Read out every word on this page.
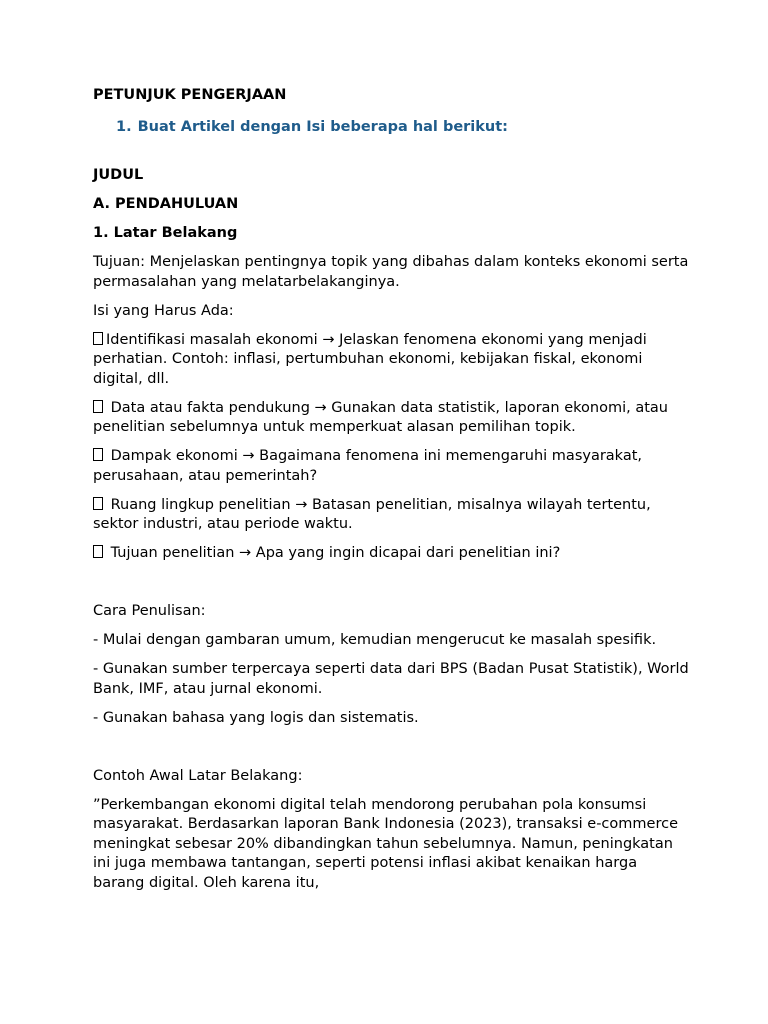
PETUNJUK PENGERJAAN

1. Buat Artikel dengan Isi beberapa hal berikut:

JUDUL

A. PENDAHULUAN

1. Latar Belakang

Tujuan: Menjelaskan pentingnya topik yang dibahas dalam konteks ekonomi serta permasalahan yang melatarbelakanginya.

Isi yang Harus Ada:

Identifikasi masalah ekonomi → Jelaskan fenomena ekonomi yang menjadi perhatian. Contoh: inflasi, pertumbuhan ekonomi, kebijakan fiskal, ekonomi digital, dll.

Data atau fakta pendukung → Gunakan data statistik, laporan ekonomi, atau penelitian sebelumnya untuk memperkuat alasan pemilihan topik.

Dampak ekonomi → Bagaimana fenomena ini memengaruhi masyarakat, perusahaan, atau pemerintah?

Ruang lingkup penelitian → Batasan penelitian, misalnya wilayah tertentu, sektor industri, atau periode waktu.

Tujuan penelitian → Apa yang ingin dicapai dari penelitian ini?

Cara Penulisan:

- Mulai dengan gambaran umum, kemudian mengerucut ke masalah spesifik.

- Gunakan sumber terpercaya seperti data dari BPS (Badan Pusat Statistik), World Bank, IMF, atau jurnal ekonomi.

- Gunakan bahasa yang logis dan sistematis.

Contoh Awal Latar Belakang:

”Perkembangan ekonomi digital telah mendorong perubahan pola konsumsi masyarakat. Berdasarkan laporan Bank Indonesia (2023), transaksi e-commerce meningkat sebesar 20% dibandingkan tahun sebelumnya. Namun, peningkatan ini juga membawa tantangan, seperti potensi inflasi akibat kenaikan harga barang digital. Oleh karena itu,
